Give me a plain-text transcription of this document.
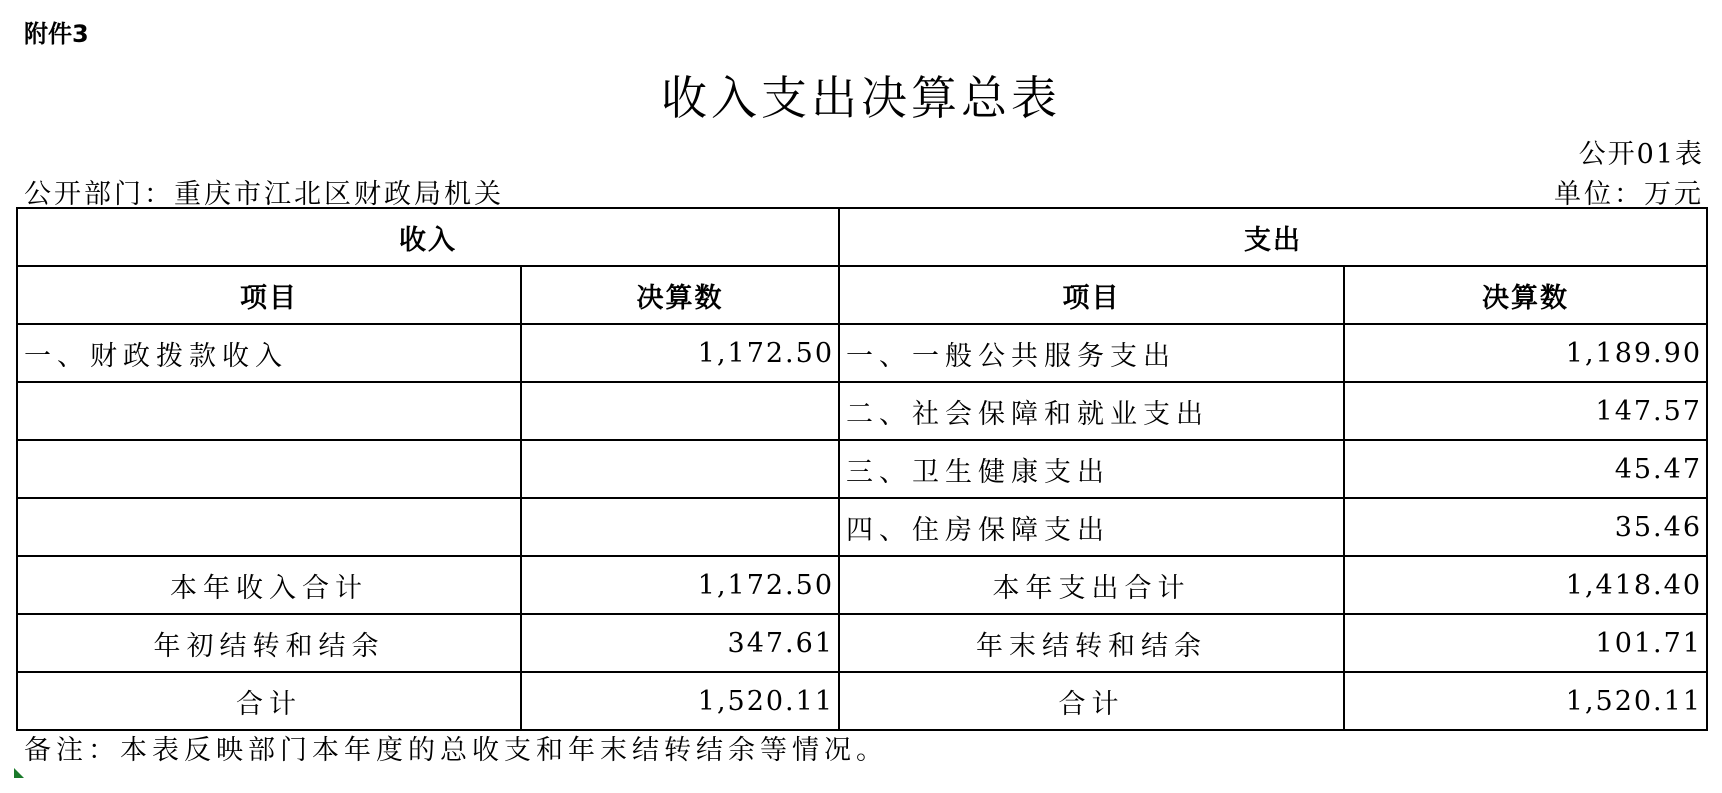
附件3
收入支出决算总表
公开01表
公开部门：重庆市江北区财政局机关	单位：万元
收入		支出	
项目	决算数	项目	决算数
一、财政拨款收入	1,172.50	一、一般公共服务支出	1,189.90
		二、社会保障和就业支出	147.57
		三、卫生健康支出	45.47
		四、住房保障支出	35.46
本年收入合计	1,172.50	本年支出合计	1,418.40
年初结转和结余	347.61	年末结转和结余	101.71
合计	1,520.11	合计	1,520.11
备注：本表反映部门本年度的总收支和年末结转结余等情况。
